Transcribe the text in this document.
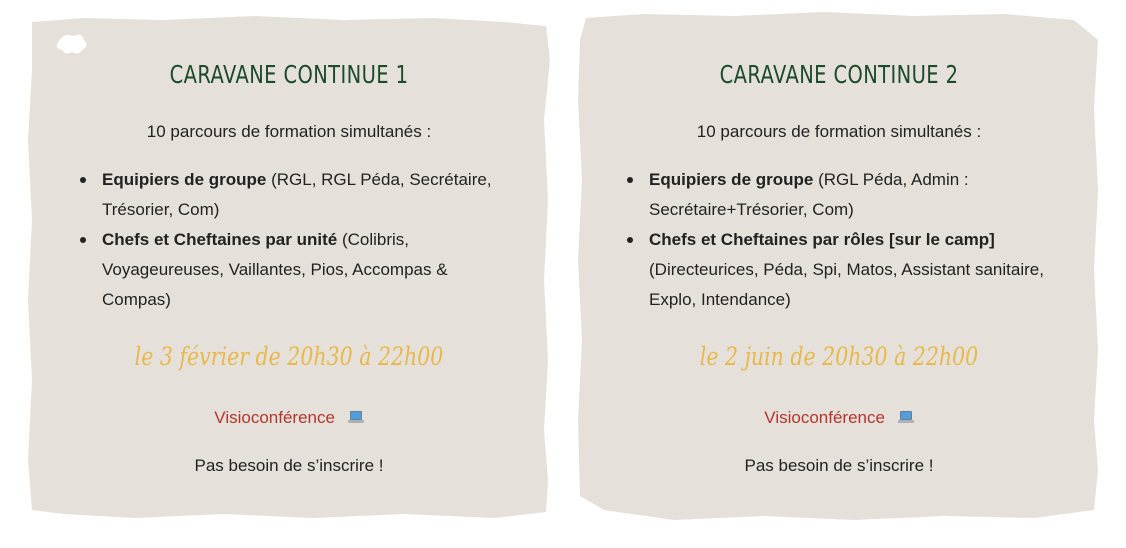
CARAVANE CONTINUE 1

10 parcours de formation simultanés :

Equipiers de groupe (RGL, RGL Péda, Secrétaire, Trésorier, Com)
Chefs et Cheftaines par unité (Colibris, Voyageureuses, Vaillantes, Pios, Accompas & Compas)

le 3 février de 20h30 à 22h00

Visioconférence

Pas besoin de s’inscrire !

CARAVANE CONTINUE 2

10 parcours de formation simultanés :

Equipiers de groupe (RGL Péda, Admin : Secrétaire+Trésorier, Com)
Chefs et Cheftaines par rôles [sur le camp] (Directeurices, Péda, Spi, Matos, Assistant sanitaire, Explo, Intendance)

le 2 juin de 20h30 à 22h00

Visioconférence

Pas besoin de s’inscrire !
